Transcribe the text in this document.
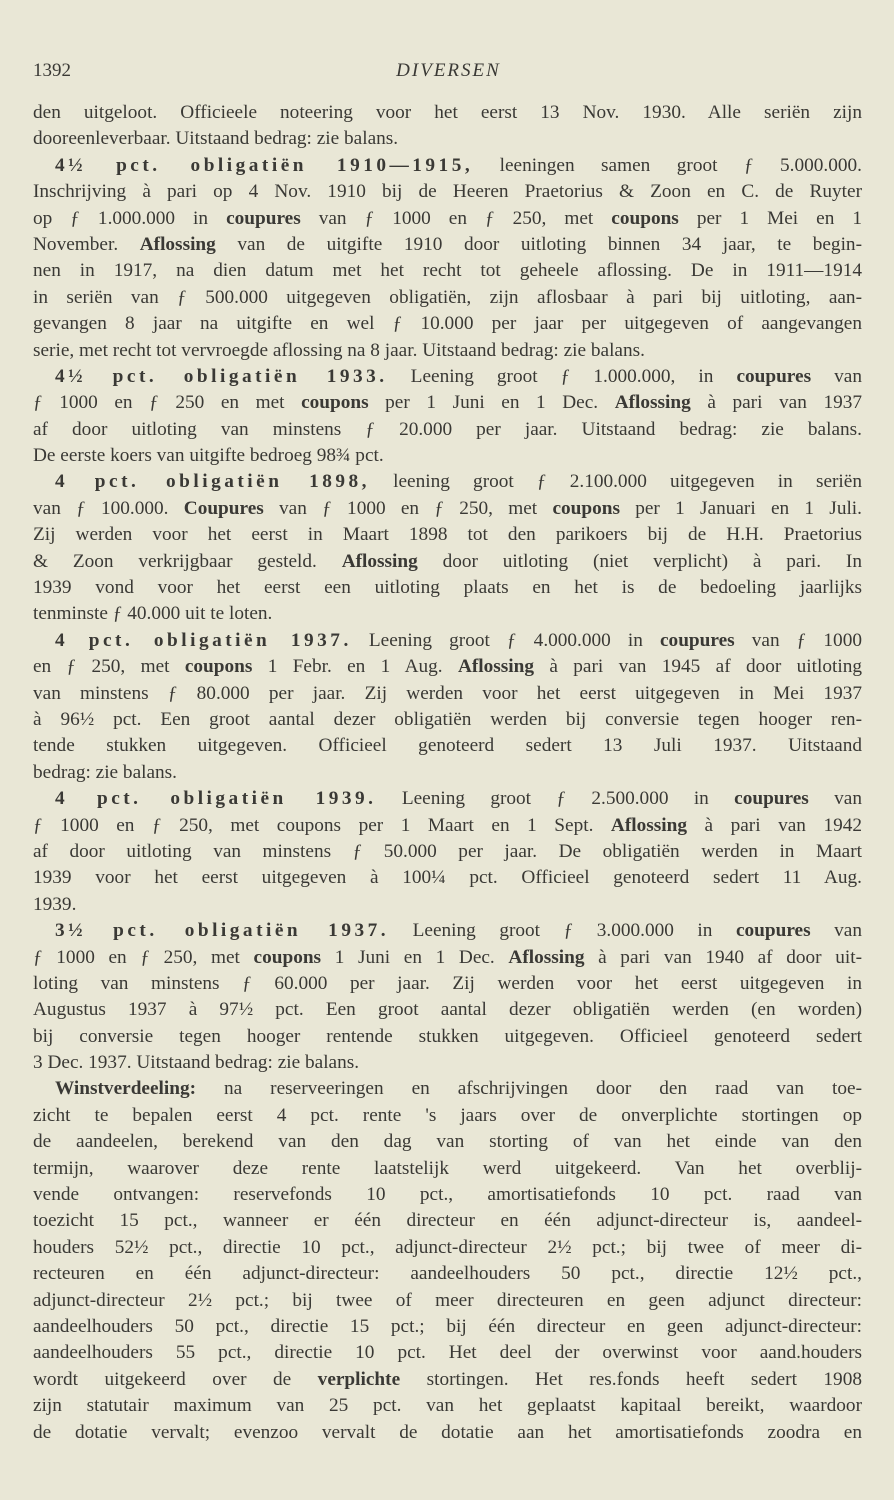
1392	DIVERSEN
den uitgeloot. Officieele noteering voor het eerst 13 Nov. 1930. Alle seriën zijn
dooreenleverbaar. Uitstaand bedrag: zie balans.
4½ pct. obligatiën 1910—1915, leeningen samen groot ƒ 5.000.000.
Inschrijving à pari op 4 Nov. 1910 bij de Heeren Praetorius & Zoon en C. de Ruyter
op ƒ 1.000.000 in coupures van ƒ 1000 en ƒ 250, met coupons per 1 Mei en 1
November. Aflossing van de uitgifte 1910 door uitloting binnen 34 jaar, te begin-
nen in 1917, na dien datum met het recht tot geheele aflossing. De in 1911—1914
in seriën van ƒ 500.000 uitgegeven obligatiën, zijn aflosbaar à pari bij uitloting, aan-
gevangen 8 jaar na uitgifte en wel ƒ 10.000 per jaar per uitgegeven of aangevangen
serie, met recht tot vervroegde aflossing na 8 jaar. Uitstaand bedrag: zie balans.
4½ pct. obligatiën 1933. Leening groot ƒ 1.000.000, in coupures van
ƒ 1000 en ƒ 250 en met coupons per 1 Juni en 1 Dec. Aflossing à pari van 1937
af door uitloting van minstens ƒ 20.000 per jaar. Uitstaand bedrag: zie balans.
De eerste koers van uitgifte bedroeg 98¾ pct.
4 pct. obligatiën 1898, leening groot ƒ 2.100.000 uitgegeven in seriën
van ƒ 100.000. Coupures van ƒ 1000 en ƒ 250, met coupons per 1 Januari en 1 Juli.
Zij werden voor het eerst in Maart 1898 tot den parikoers bij de H.H. Praetorius
& Zoon verkrijgbaar gesteld. Aflossing door uitloting (niet verplicht) à pari. In
1939 vond voor het eerst een uitloting plaats en het is de bedoeling jaarlijks
tenminste ƒ 40.000 uit te loten.
4 pct. obligatiën 1937. Leening groot ƒ 4.000.000 in coupures van ƒ 1000
en ƒ 250, met coupons 1 Febr. en 1 Aug. Aflossing à pari van 1945 af door uitloting
van minstens ƒ 80.000 per jaar. Zij werden voor het eerst uitgegeven in Mei 1937
à 96½ pct. Een groot aantal dezer obligatiën werden bij conversie tegen hooger ren-
tende stukken uitgegeven. Officieel genoteerd sedert 13 Juli 1937. Uitstaand
bedrag: zie balans.
4 pct. obligatiën 1939. Leening groot ƒ 2.500.000 in coupures van
ƒ 1000 en ƒ 250, met coupons per 1 Maart en 1 Sept. Aflossing à pari van 1942
af door uitloting van minstens ƒ 50.000 per jaar. De obligatiën werden in Maart
1939 voor het eerst uitgegeven à 100¼ pct. Officieel genoteerd sedert 11 Aug.
1939.
3½ pct. obligatiën 1937. Leening groot ƒ 3.000.000 in coupures van
ƒ 1000 en ƒ 250, met coupons 1 Juni en 1 Dec. Aflossing à pari van 1940 af door uit-
loting van minstens ƒ 60.000 per jaar. Zij werden voor het eerst uitgegeven in
Augustus 1937 à 97½ pct. Een groot aantal dezer obligatiën werden (en worden)
bij conversie tegen hooger rentende stukken uitgegeven. Officieel genoteerd sedert
3 Dec. 1937. Uitstaand bedrag: zie balans.
Winstverdeeling: na reserveeringen en afschrijvingen door den raad van toe-
zicht te bepalen eerst 4 pct. rente 's jaars over de onverplichte stortingen op
de aandeelen, berekend van den dag van storting of van het einde van den
termijn, waarover deze rente laatstelijk werd uitgekeerd. Van het overblij-
vende ontvangen: reservefonds 10 pct., amortisatiefonds 10 pct. raad van
toezicht 15 pct., wanneer er één directeur en één adjunct-directeur is, aandeel-
houders 52½ pct., directie 10 pct., adjunct-directeur 2½ pct.; bij twee of meer di-
recteuren en één adjunct-directeur: aandeelhouders 50 pct., directie 12½ pct.,
adjunct-directeur 2½ pct.; bij twee of meer directeuren en geen adjunct directeur:
aandeelhouders 50 pct., directie 15 pct.; bij één directeur en geen adjunct-directeur:
aandeelhouders 55 pct., directie 10 pct. Het deel der overwinst voor aand.houders
wordt uitgekeerd over de verplichte stortingen. Het res.fonds heeft sedert 1908
zijn statutair maximum van 25 pct. van het geplaatst kapitaal bereikt, waardoor
de dotatie vervalt; evenzoo vervalt de dotatie aan het amortisatiefonds zoodra en
